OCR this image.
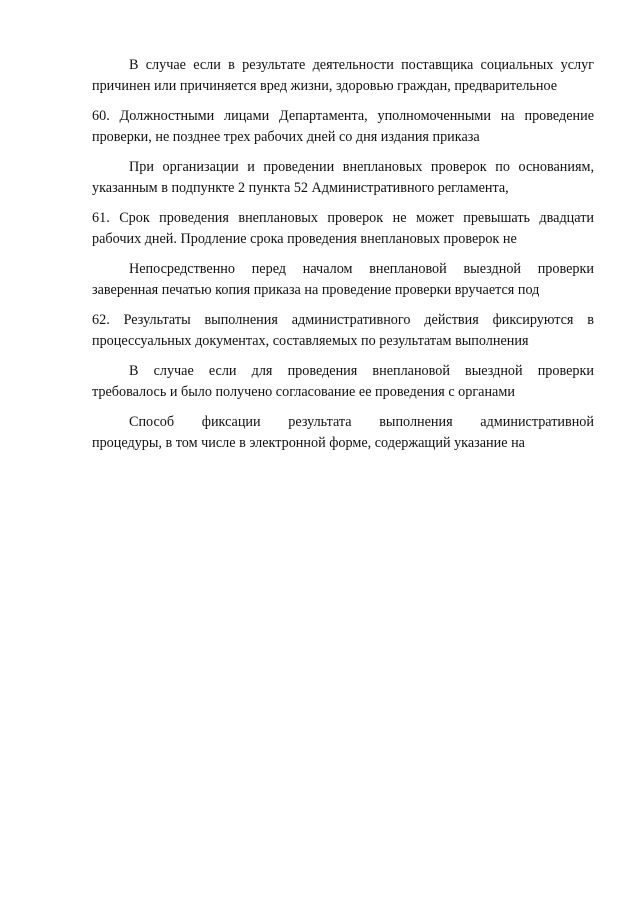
В случае если в результате деятельности поставщика социальных услуг
причинен или причиняется вред жизни, здоровью граждан, предварительное
60. Должностными лицами Департамента, уполномоченными на проведение
проверки, не позднее трех рабочих дней со дня издания приказа
При организации и проведении внеплановых проверок по основаниям,
указанным в подпункте 2 пункта 52 Административного регламента,
61. Срок проведения внеплановых проверок не может превышать двадцати
рабочих дней. Продление срока проведения внеплановых проверок не
Непосредственно перед началом внеплановой выездной проверки
заверенная печатью копия приказа на проведение проверки вручается под
62. Результаты выполнения административного действия фиксируются в
процессуальных документах, составляемых по результатам выполнения
В случае если для проведения внеплановой выездной проверки
требовалось и было получено согласование ее проведения с органами
Способ фиксации результата выполнения административной
процедуры, в том числе в электронной форме, содержащий указание на
